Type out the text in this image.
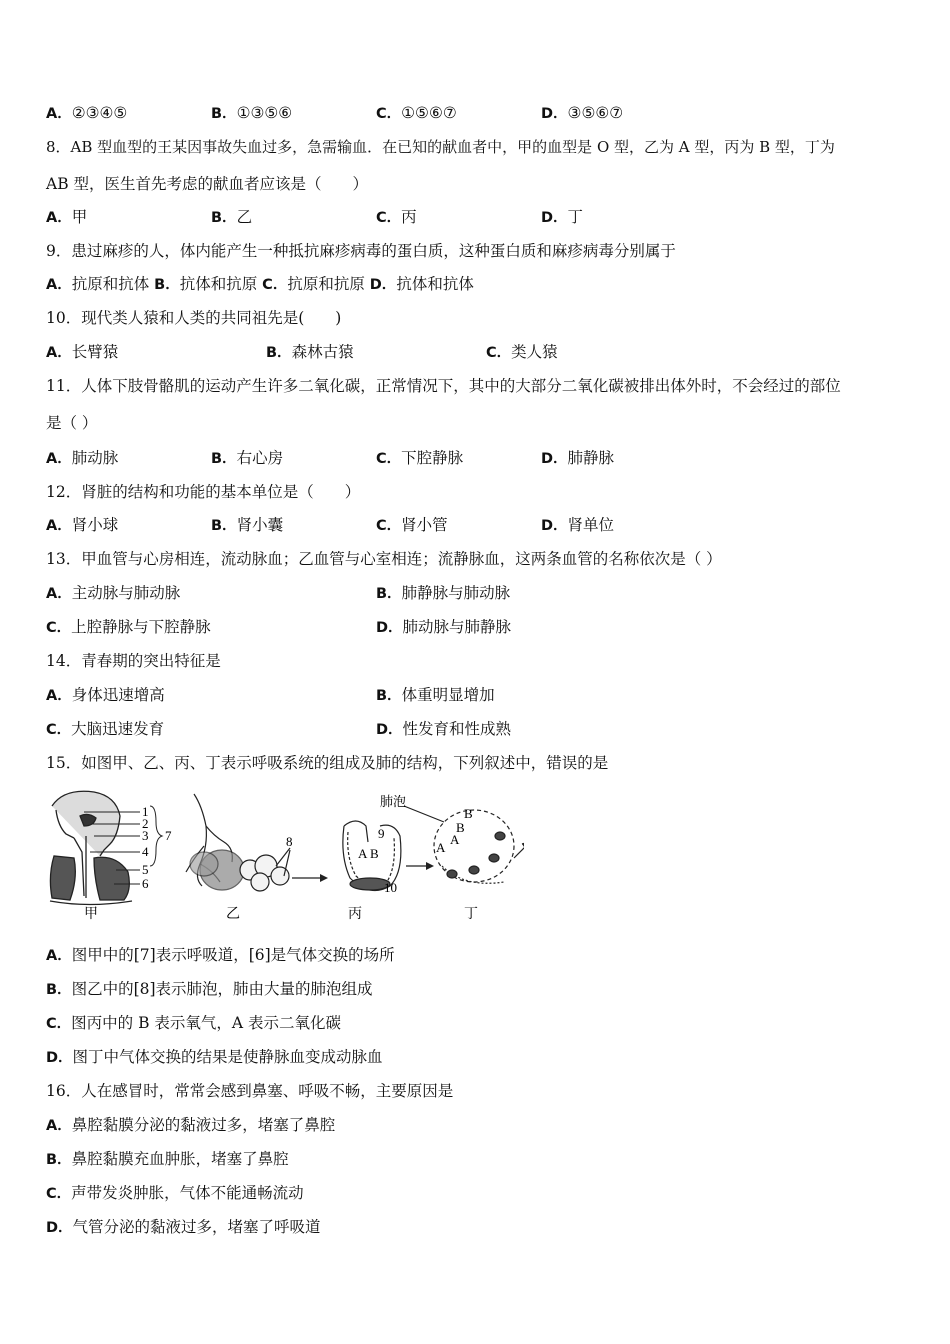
A．②③④⑤	B．①③⑤⑥	C．①⑤⑥⑦	D．③⑤⑥⑦
8．AB 型血型的王某因事故失血过多，急需输血．在已知的献血者中，甲的血型是 O 型，乙为 A 型，丙为 B 型，丁为
AB 型，医生首先考虑的献血者应该是（　　）
A．甲	B．乙	C．丙	D．丁
9．患过麻疹的人，体内能产生一种抵抗麻疹病毒的蛋白质，这种蛋白质和麻疹病毒分别属于
A．抗原和抗体 B．抗体和抗原 C．抗原和抗原 D．抗体和抗体
10．现代类人猿和人类的共同祖先是(　　)
A．长臂猿	B．森林古猿	C．类人猿
11．人体下肢骨骼肌的运动产生许多二氧化碳，正常情况下，其中的大部分二氧化碳被排出体外时，不会经过的部位
是（ ）
A．肺动脉	B．右心房	C．下腔静脉	D．肺静脉
12．肾脏的结构和功能的基本单位是（　　）
A．肾小球	B．肾小囊	C．肾小管	D．肾单位
13．甲血管与心房相连，流动脉血；乙血管与心室相连；流静脉血，这两条血管的名称依次是（ ）
A．主动脉与肺动脉	B．肺静脉与肺动脉
C．上腔静脉与下腔静脉	D．肺动脉与肺静脉
14．青春期的突出特征是
A．身体迅速增高	B．体重明显增加
C．大脑迅速发育	D．性发育和性成熟
15．如图甲、乙、丙、丁表示呼吸系统的组成及肺的结构，下列叙述中，错误的是
1
2
3
4
5
6
7	8
A B
9
10
肺泡
A
B
A
B
甲	乙	丙	丁
A．图甲中的[7]表示呼吸道，[6]是气体交换的场所
B．图乙中的[8]表示肺泡，肺由大量的肺泡组成
C．图丙中的 B 表示氧气，A 表示二氧化碳
D．图丁中气体交换的结果是使静脉血变成动脉血
16．人在感冒时，常常会感到鼻塞、呼吸不畅，主要原因是
A．鼻腔黏膜分泌的黏液过多，堵塞了鼻腔
B．鼻腔黏膜充血肿胀，堵塞了鼻腔
C．声带发炎肿胀，气体不能通畅流动
D．气管分泌的黏液过多，堵塞了呼吸道
